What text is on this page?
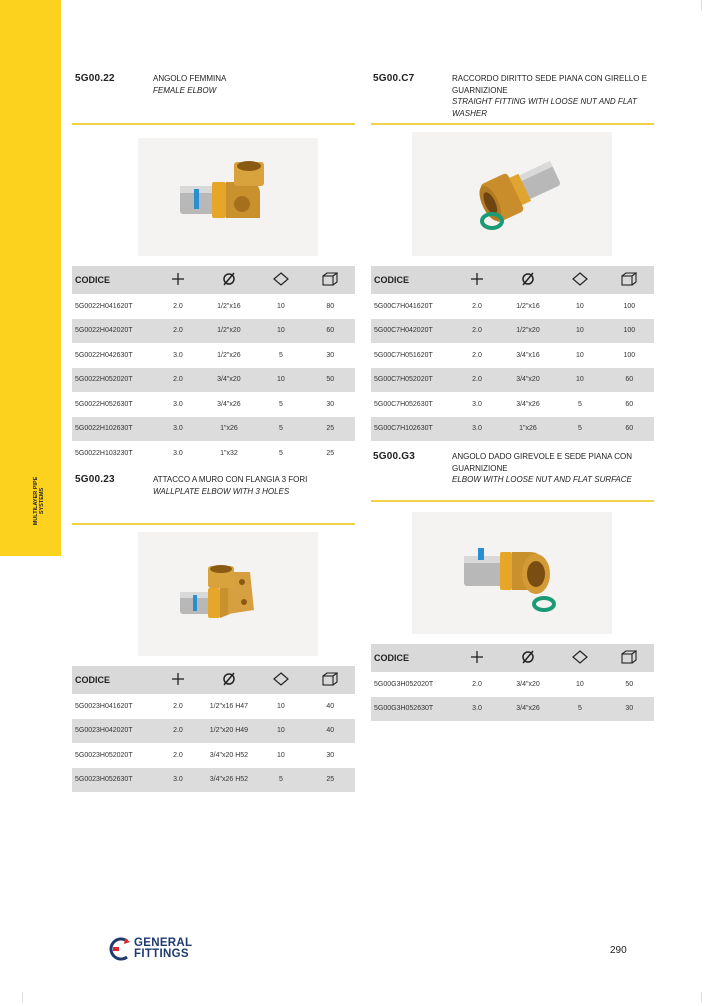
MULTILAYER PIPE SYSTEMS
5G00.22	ANGOLO FEMMINA
FEMALE ELBOW
CODICE				
5G0022H041620T	2.0	1/2"x16	10	80
5G0022H042020T	2.0	1/2"x20	10	60
5G0022H042630T	3.0	1/2"x26	5	30
5G0022H052020T	2.0	3/4"x20	10	50
5G0022H052630T	3.0	3/4"x26	5	30
5G0022H102630T	3.0	1"x26	5	25
5G0022H103230T	3.0	1"x32	5	25
5G00.C7	RACCORDO DIRITTO SEDE PIANA CON GIRELLO E GUARNIZIONE
STRAIGHT FITTING WITH LOOSE NUT AND FLAT WASHER
CODICE				
5G00C7H041620T	2.0	1/2"x16	10	100
5G00C7H042020T	2.0	1/2"x20	10	100
5G00C7H051620T	2.0	3/4"x16	10	100
5G00C7H052020T	2.0	3/4"x20	10	60
5G00C7H052630T	3.0	3/4"x26	5	60
5G00C7H102630T	3.0	1"x26	5	60
5G00.23	ATTACCO A MURO CON FLANGIA 3 FORI
WALLPLATE ELBOW WITH 3 HOLES
CODICE				
5G0023H041620T	2.0	1/2"x16 H47	10	40
5G0023H042020T	2.0	1/2"x20 H49	10	40
5G0023H052020T	2.0	3/4"x20 H52	10	30
5G0023H052630T	3.0	3/4"x26 H52	5	25
5G00.G3	ANGOLO DADO GIREVOLE E SEDE PIANA CON GUARNIZIONE
ELBOW WITH LOOSE NUT AND FLAT SURFACE
CODICE				
5G00G3H052020T	2.0	3/4"x20	10	50
5G00G3H052630T	3.0	3/4"x26	5	30
GENERAL
FITTINGS	290
